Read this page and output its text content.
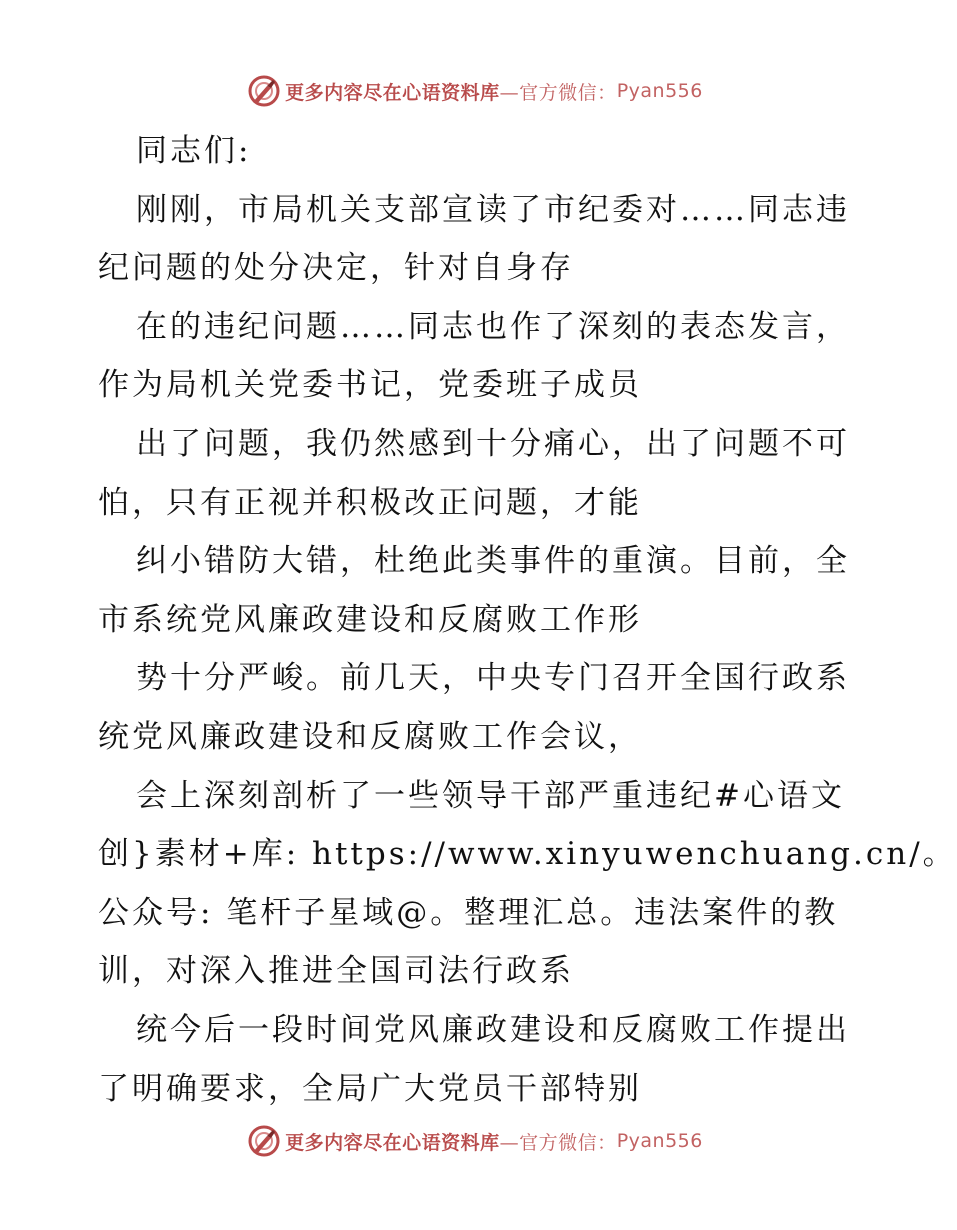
更多内容尽在心语资料库 —官方微信： Pyan556
同志们:
刚刚，市局机关支部宣读了市纪委对……同志违
纪问题的处分决定，针对自身存
在的违纪问题……同志也作了深刻的表态发言，
作为局机关党委书记，党委班子成员
出了问题，我仍然感到十分痛心，出了问题不可
怕，只有正视并积极改正问题，才能
纠小错防大错，杜绝此类事件的重演。目前，全
市系统党风廉政建设和反腐败工作形
势十分严峻。前几天，中央专门召开全国行政系
统党风廉政建设和反腐败工作会议，
会上深刻剖析了一些领导干部严重违纪#心语文
创}素材+库: https://www.xinyuwenchuang.cn/。
公众号: 笔杆子星域@。整理汇总。违法案件的教
训，对深入推进全国司法行政系
统今后一段时间党风廉政建设和反腐败工作提出
了明确要求，全局广大党员干部特别
更多内容尽在心语资料库 —官方微信： Pyan556
